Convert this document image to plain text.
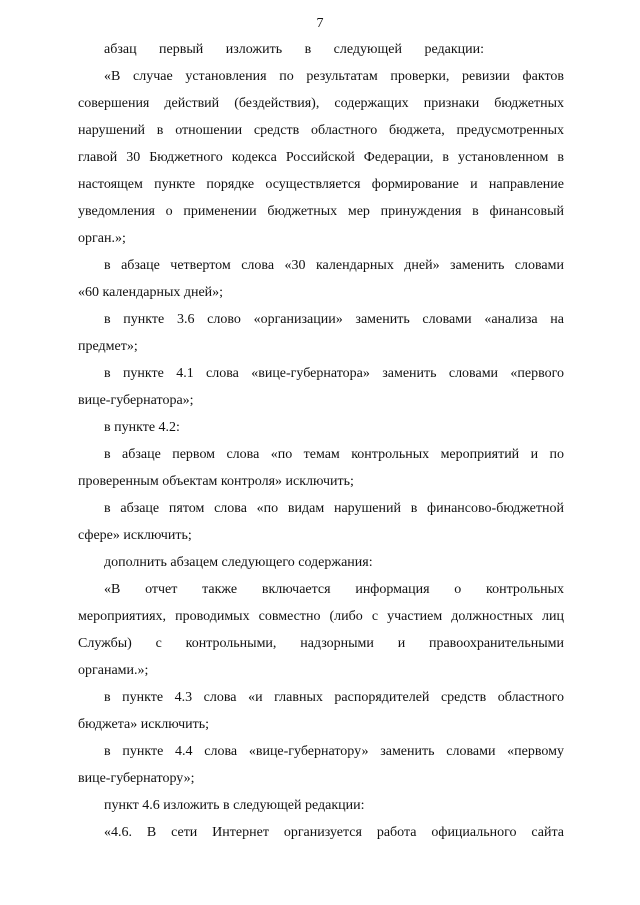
7
абзац первый изложить в следующей редакции:
«В случае установления по результатам проверки, ревизии фактов
совершения действий (бездействия), содержащих признаки бюджетных
нарушений в отношении средств областного бюджета, предусмотренных
главой 30 Бюджетного кодекса Российской Федерации, в установленном в
настоящем пункте порядке осуществляется формирование и направление
уведомления о применении бюджетных мер принуждения в финансовый
орган.»;
в абзаце четвертом слова «30 календарных дней» заменить словами
«60 календарных дней»;
в пункте 3.6 слово «организации» заменить словами «анализа на
предмет»;
в пункте 4.1 слова «вице-губернатора» заменить словами «первого
вице-губернатора»;
в пункте 4.2:
в абзаце первом слова «по темам контрольных мероприятий и по
проверенным объектам контроля» исключить;
в абзаце пятом слова «по видам нарушений в финансово-бюджетной
сфере» исключить;
дополнить абзацем следующего содержания:
«В отчет также включается информация о контрольных
мероприятиях, проводимых совместно (либо с участием должностных лиц
Службы) с контрольными, надзорными и правоохранительными
органами.»;
в пункте 4.3 слова «и главных распорядителей средств областного
бюджета» исключить;
в пункте 4.4 слова «вице-губернатору» заменить словами «первому
вице-губернатору»;
пункт 4.6 изложить в следующей редакции:
«4.6. В сети Интернет организуется работа официального сайта
